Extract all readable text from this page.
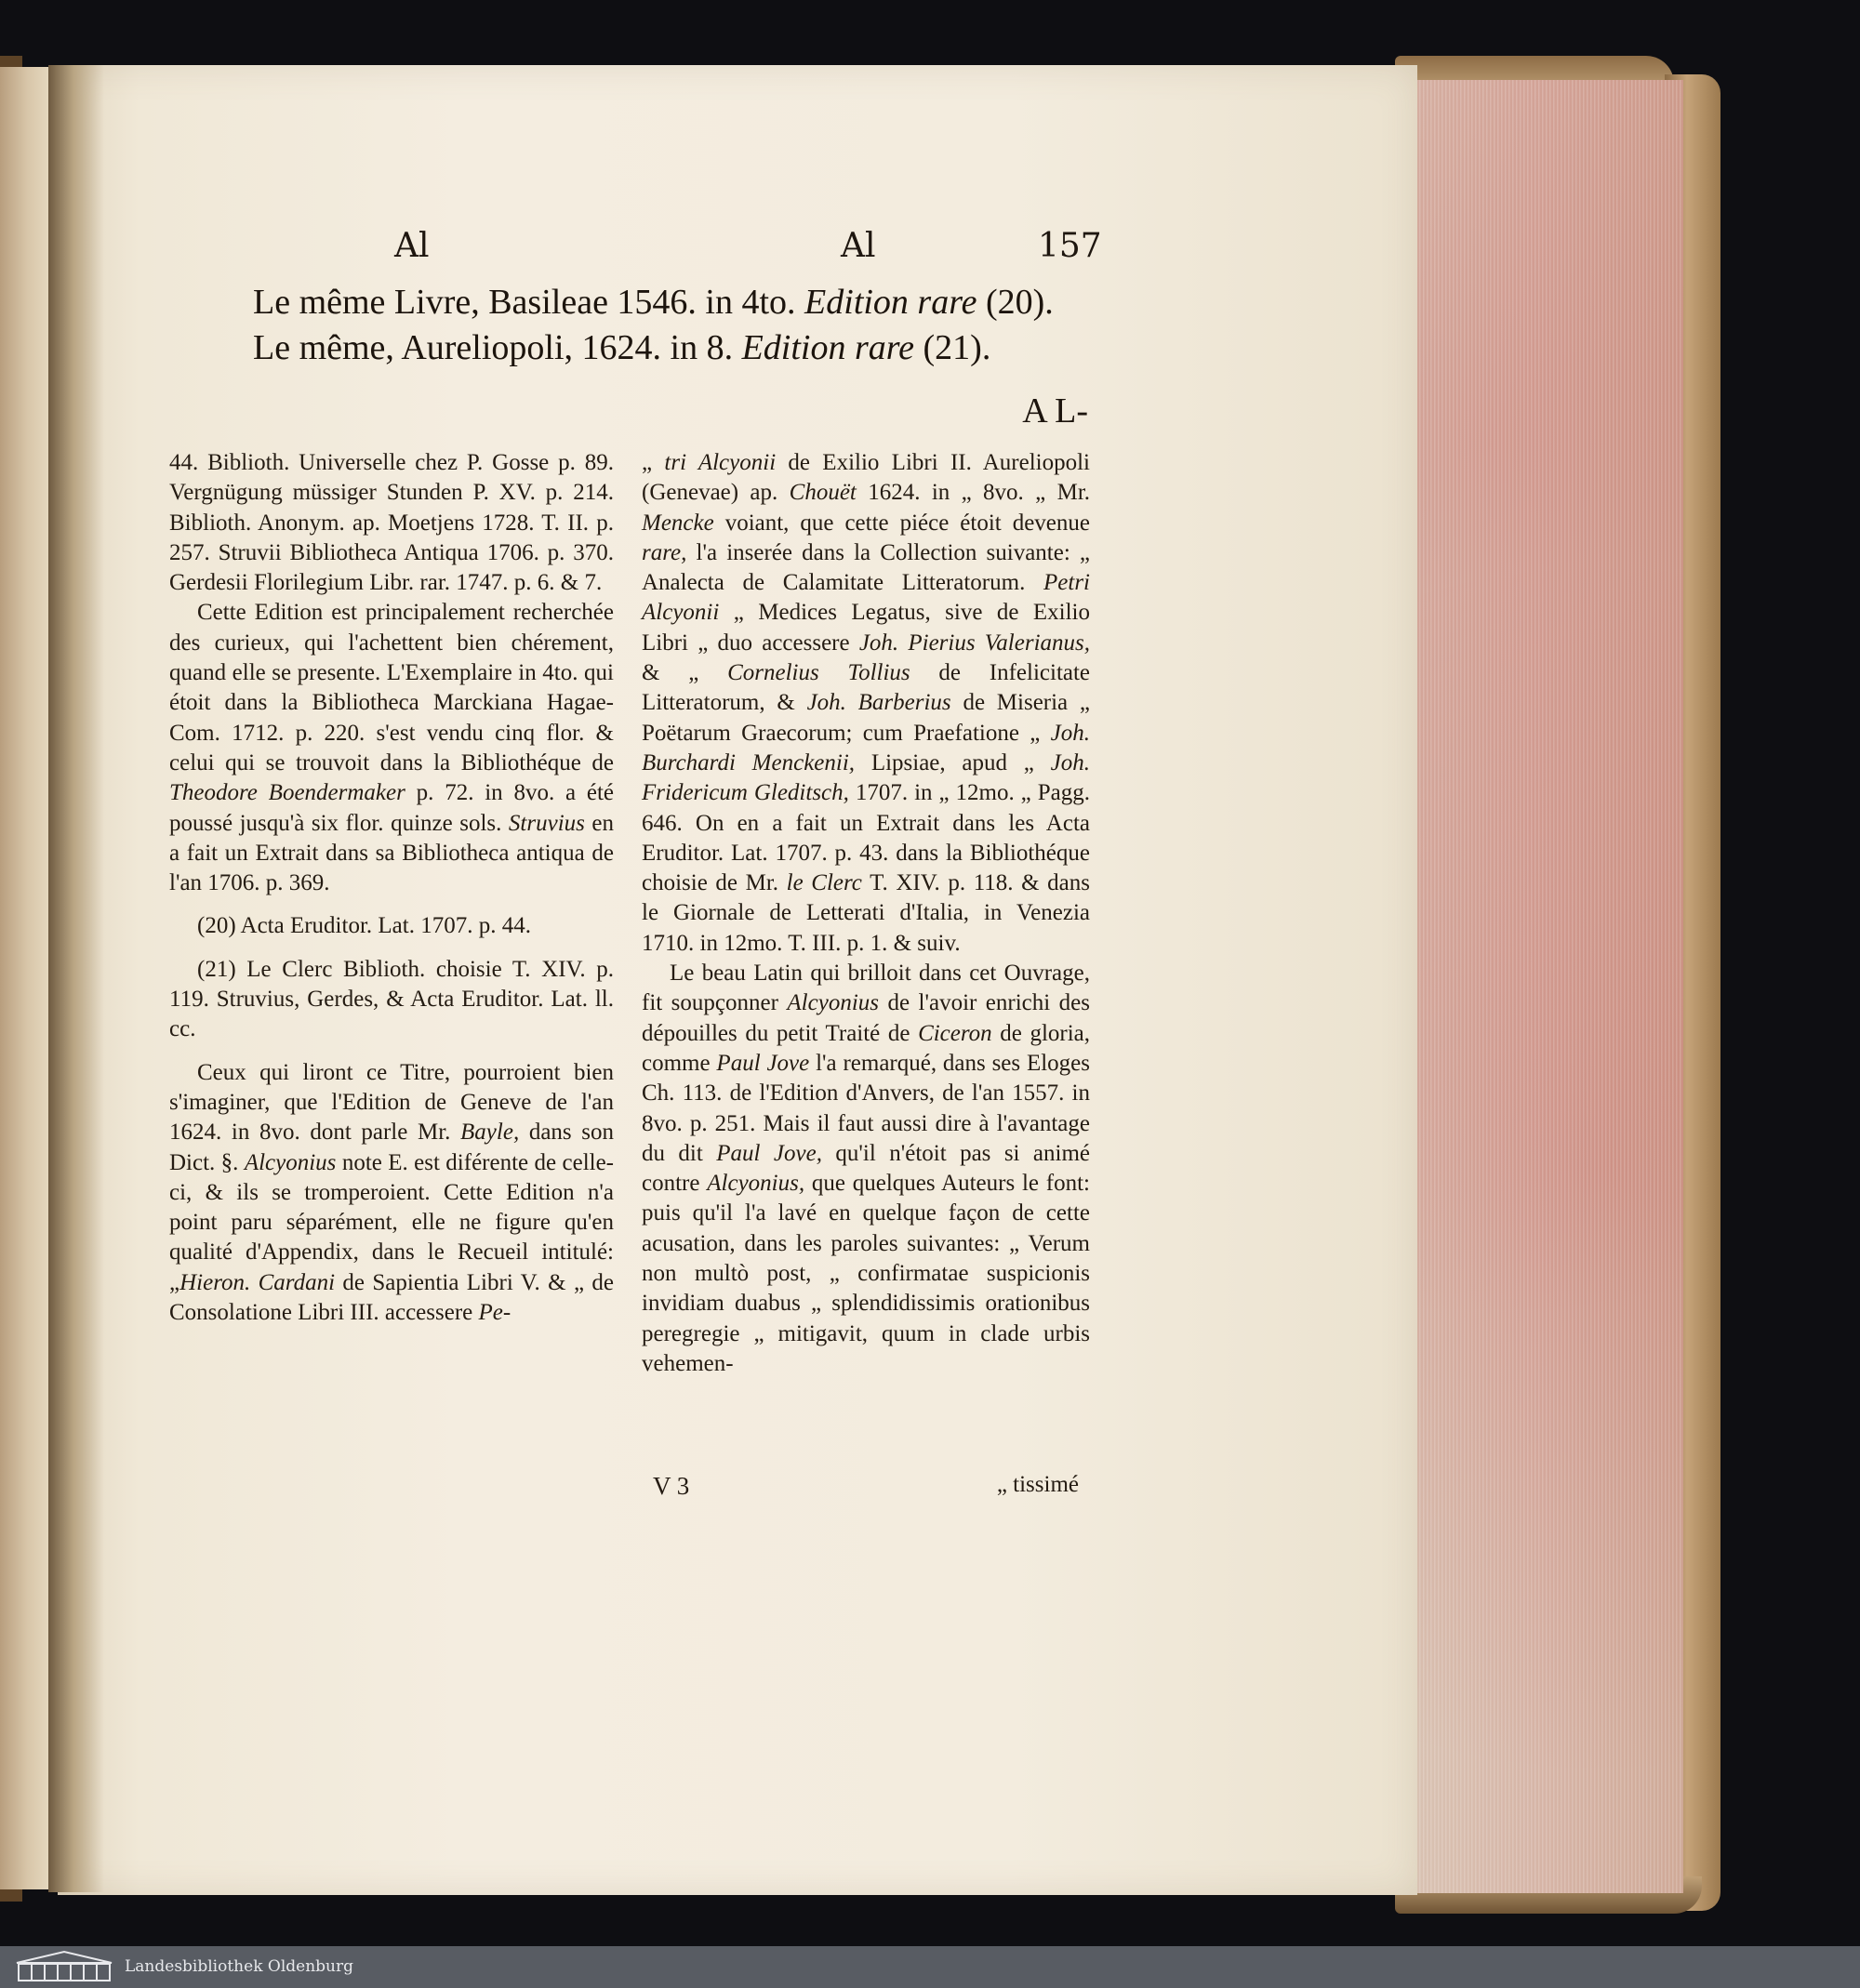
Al	Al	157
Le même Livre, Basileae 1546. in 4to. Edition rare (20).
Le même, Aureliopoli, 1624. in 8. Edition rare (21).
A L-

44. Biblioth. Universelle chez P. Gosse p. 89. Vergnügung müssiger Stunden P. XV. p. 214. Biblioth. Anonym. ap. Moetjens 1728. T. II. p. 257. Struvii Bibliotheca Antiqua 1706. p. 370. Gerdesii Florilegium Libr. rar. 1747. p. 6. & 7.

Cette Edition est principalement recherchée des curieux, qui l'achettent bien chérement, quand elle se presente. L'Exemplaire in 4to. qui étoit dans la Bibliotheca Marckiana Hagae-Com. 1712. p. 220. s'est vendu cinq flor. & celui qui se trouvoit dans la Bibliothéque de Theodore Boendermaker p. 72. in 8vo. a été poussé jusqu'à six flor. quinze sols. Struvius en a fait un Extrait dans sa Bibliotheca antiqua de l'an 1706. p. 369.

(20) Acta Eruditor. Lat. 1707. p. 44.

(21) Le Clerc Biblioth. choisie T. XIV. p. 119. Struvius, Gerdes, & Acta Eruditor. Lat. ll. cc.

Ceux qui liront ce Titre, pourroient bien s'imaginer, que l'Edition de Geneve de l'an 1624. in 8vo. dont parle Mr. Bayle, dans son Dict. §. Alcyonius note E. est diférente de celle-ci, & ils se tromperoient. Cette Edition n'a point paru séparément, elle ne figure qu'en qualité d'Appendix, dans le Recueil intitulé: „Hieron. Cardani de Sapientia Libri V. & „ de Consolatione Libri III. accessere Pe-

„ tri Alcyonii de Exilio Libri II. Aureliopoli (Genevae) ap. Chouët 1624. in „ 8vo. „ Mr. Mencke voiant, que cette piéce étoit devenue rare, l'a inserée dans la Collection suivante: „ Analecta de Calamitate Litteratorum. Petri Alcyonii „ Medices Legatus, sive de Exilio Libri „ duo accessere Joh. Pierius Valerianus, & „ Cornelius Tollius de Infelicitate Litteratorum, & Joh. Barberius de Miseria „ Poëtarum Graecorum; cum Praefatione „ Joh. Burchardi Menckenii, Lipsiae, apud „ Joh. Fridericum Gleditsch, 1707. in „ 12mo. „ Pagg. 646. On en a fait un Extrait dans les Acta Eruditor. Lat. 1707. p. 43. dans la Bibliothéque choisie de Mr. le Clerc T. XIV. p. 118. & dans le Giornale de Letterati d'Italia, in Venezia 1710. in 12mo. T. III. p. 1. & suiv.

Le beau Latin qui brilloit dans cet Ouvrage, fit soupçonner Alcyonius de l'avoir enrichi des dépouilles du petit Traité de Ciceron de gloria, comme Paul Jove l'a remarqué, dans ses Eloges Ch. 113. de l'Edition d'Anvers, de l'an 1557. in 8vo. p. 251. Mais il faut aussi dire à l'avantage du dit Paul Jove, qu'il n'étoit pas si animé contre Alcyonius, que quelques Auteurs le font: puis qu'il l'a lavé en quelque façon de cette acusation, dans les paroles suivantes: „ Verum non multò post, „ confirmatae suspicionis invidiam duabus „ splendidissimis orationibus peregregie „ mitigavit, quum in clade urbis vehemen-

V 3	„ tissimé
Landesbibliothek Oldenburg
